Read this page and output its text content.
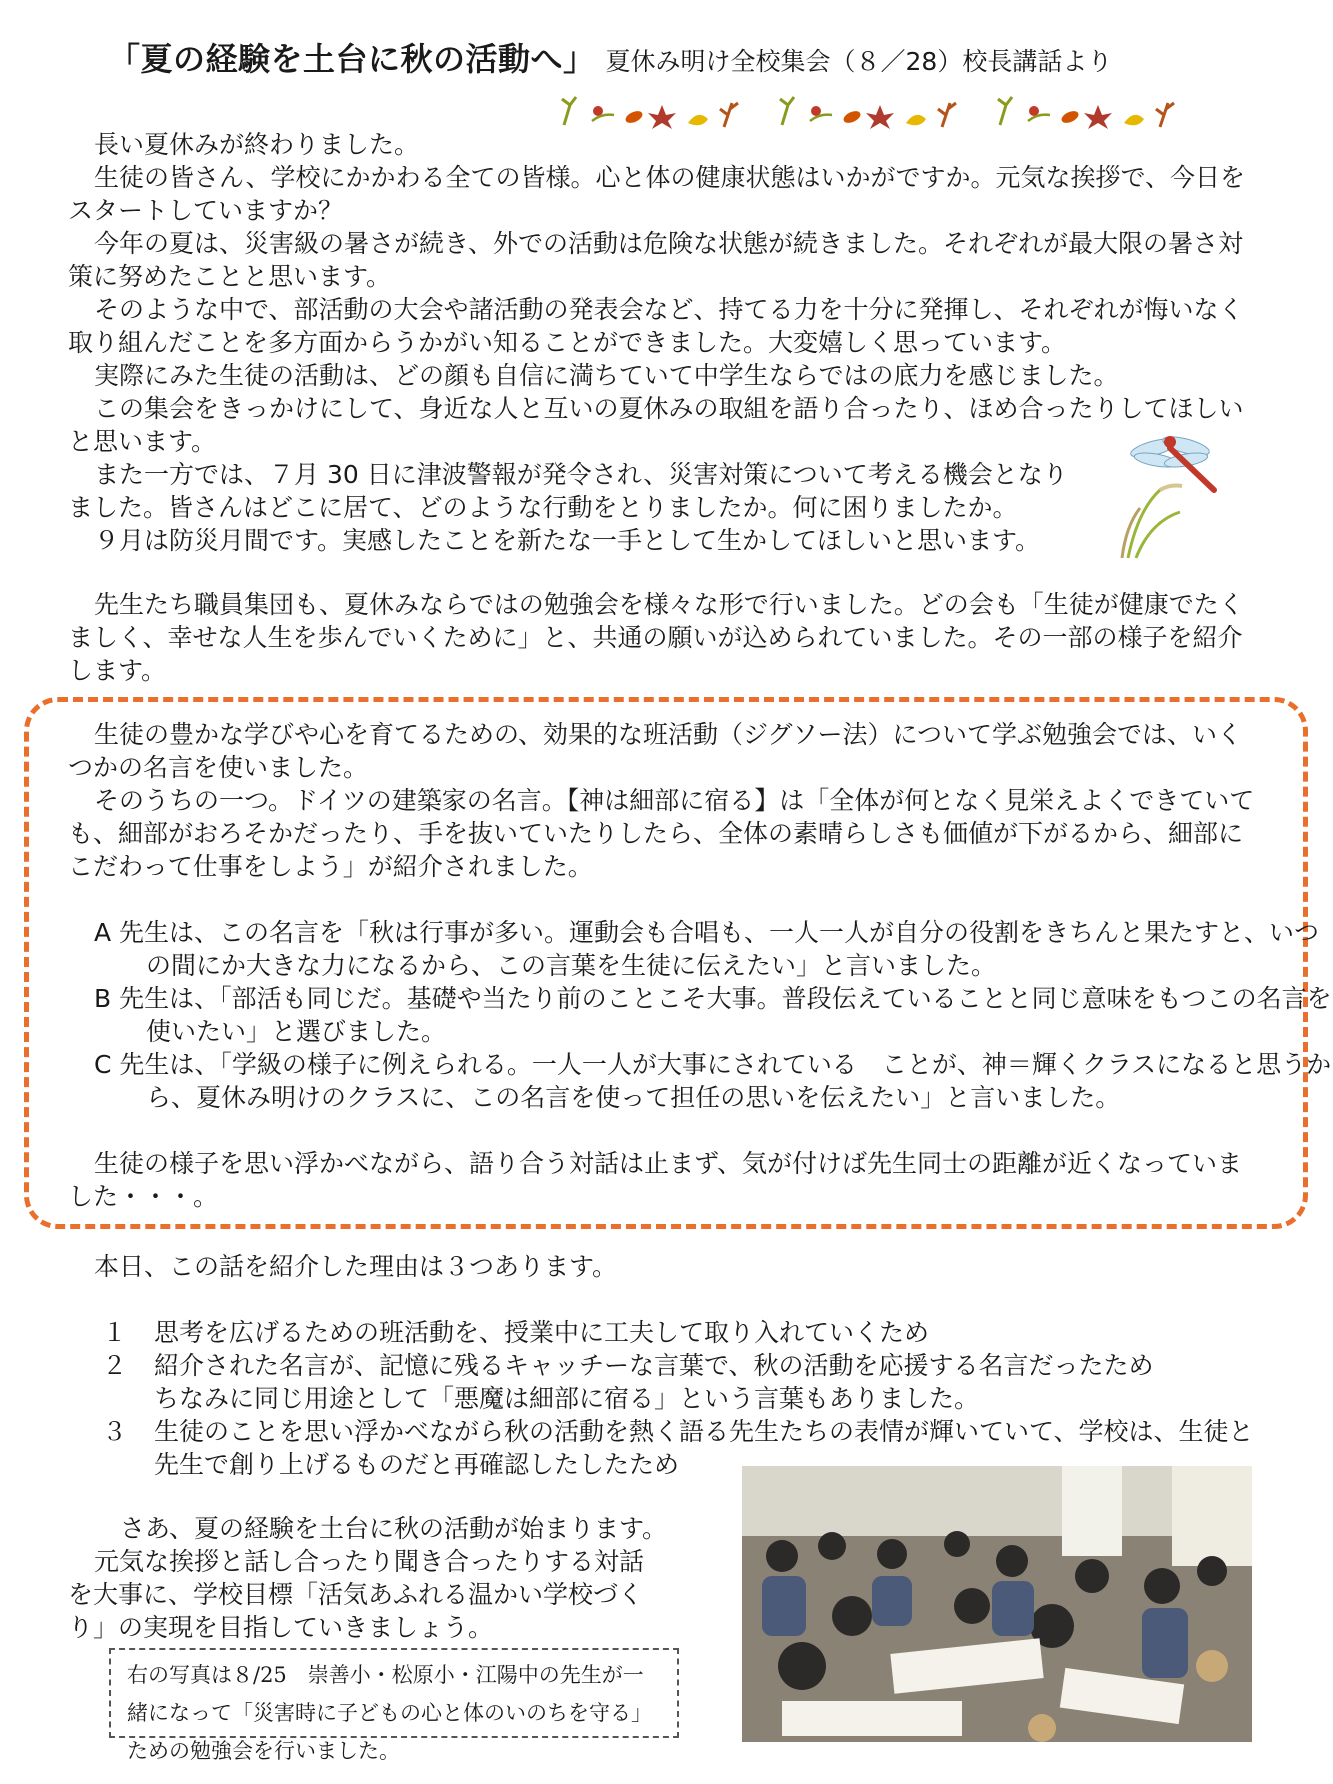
「夏の経験を土台に秋の活動へ」 夏休み明け全校集会（８／28）校長講話より
長い夏休みが終わりました。
生徒の皆さん、学校にかかわる全ての皆様。心と体の健康状態はいかがですか。元気な挨拶で、今日をスタートしていますか？
今年の夏は、災害級の暑さが続き、外での活動は危険な状態が続きました。それぞれが最大限の暑さ対策に努めたことと思います。
そのような中で、部活動の大会や諸活動の発表会など、持てる力を十分に発揮し、それぞれが悔いなく取り組んだことを多方面からうかがい知ることができました。大変嬉しく思っています。
実際にみた生徒の活動は、どの顔も自信に満ちていて中学生ならではの底力を感じました。
この集会をきっかけにして、身近な人と互いの夏休みの取組を語り合ったり、ほめ合ったりしてほしいと思います。
また一方では、７月 30 日に津波警報が発令され、災害対策について考える機会となりました。皆さんはどこに居て、どのような行動をとりましたか。何に困りましたか。
９月は防災月間です。実感したことを新たな一手として生かしてほしいと思います。
先生たち職員集団も、夏休みならではの勉強会を様々な形で行いました。どの会も「生徒が健康でたくましく、幸せな人生を歩んでいくために」と、共通の願いが込められていました。その一部の様子を紹介します。
生徒の豊かな学びや心を育てるための、効果的な班活動（ジグソー法）について学ぶ勉強会では、いくつかの名言を使いました。
そのうちの一つ。ドイツの建築家の名言。【神は細部に宿る】は「全体が何となく見栄えよくできていても、細部がおろそかだったり、手を抜いていたりしたら、全体の素晴らしさも価値が下がるから、細部にこだわって仕事をしよう」が紹介されました。
A 先生は、この名言を「秋は行事が多い。運動会も合唱も、一人一人が自分の役割をきちんと果たすと、いつの間にか大きな力になるから、この言葉を生徒に伝えたい」と言いました。
B 先生は、「部活も同じだ。基礎や当たり前のことこそ大事。普段伝えていることと同じ意味をもつこの名言を使いたい」と選びました。
C 先生は、「学級の様子に例えられる。一人一人が大事にされている　ことが、神＝輝くクラスになると思うから、夏休み明けのクラスに、この名言を使って担任の思いを伝えたい」と言いました。
生徒の様子を思い浮かべながら、語り合う対話は止まず、気が付けば先生同士の距離が近くなっていました・・・。
本日、この話を紹介した理由は３つあります。
１ 思考を広げるための班活動を、授業中に工夫して取り入れていくため
２ 紹介された名言が、記憶に残るキャッチーな言葉で、秋の活動を応援する名言だったため
ちなみに同じ用途として「悪魔は細部に宿る」という言葉もありました。
３ 生徒のことを思い浮かべながら秋の活動を熱く語る先生たちの表情が輝いていて、学校は、生徒と先生で創り上げるものだと再確認したしたため
さあ、夏の経験を土台に秋の活動が始まります。
元気な挨拶と話し合ったり聞き合ったりする対話を大事に、学校目標「活気あふれる温かい学校づくり」の実現を目指していきましょう。
右の写真は８/25　崇善小・松原小・江陽中の先生が一緒になって「災害時に子どもの心と体のいのちを守る」ための勉強会を行いました。
